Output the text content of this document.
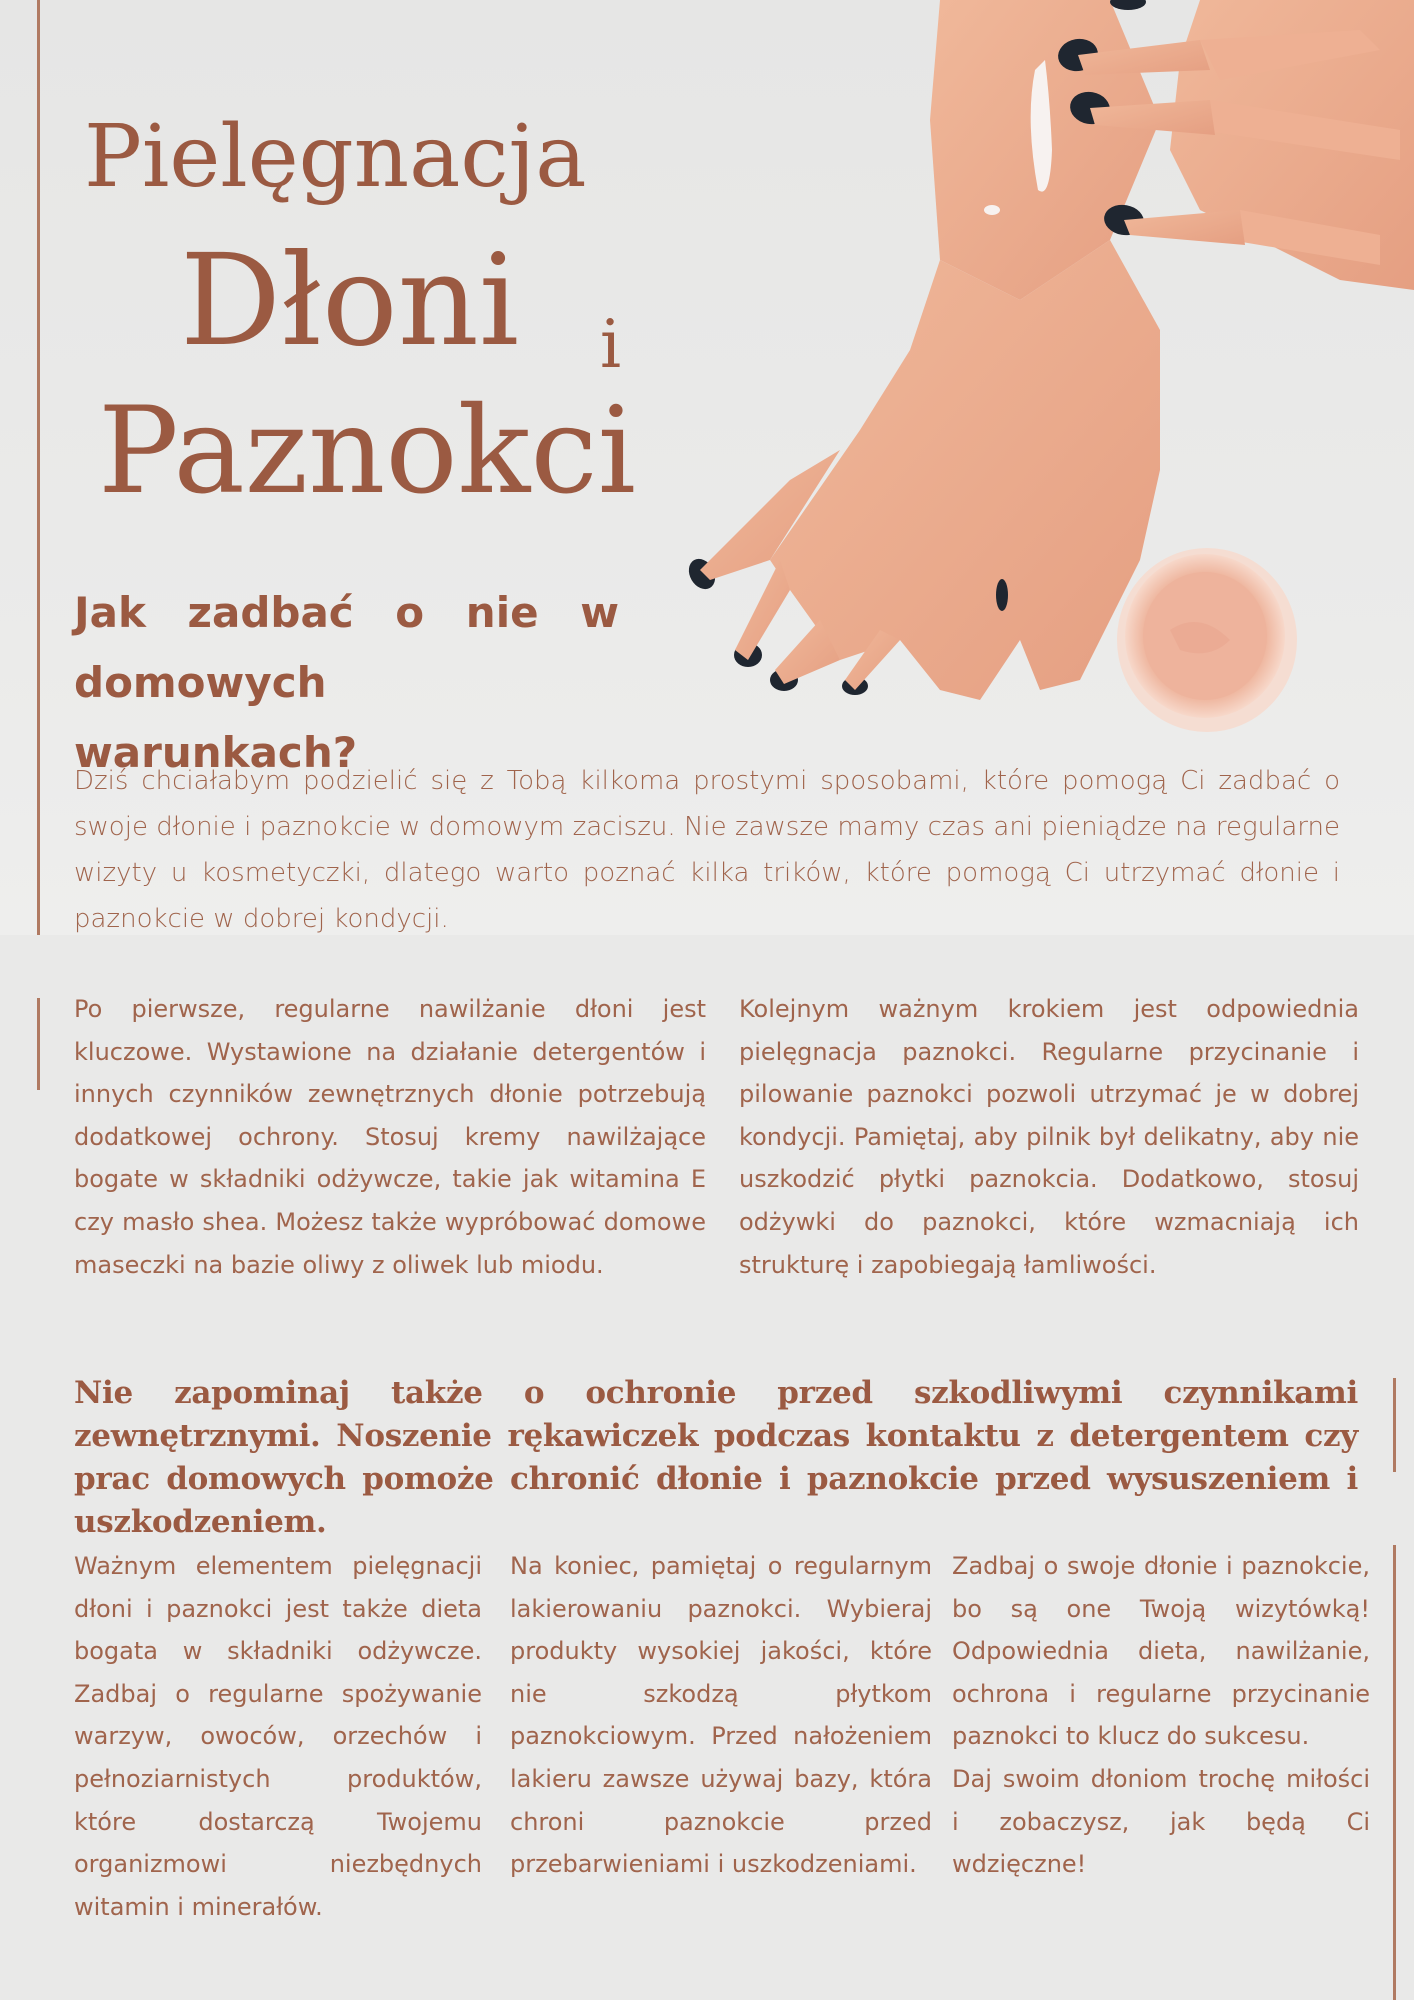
Pielęgnacja
Dłoni i
Paznokci
Jak zadbać o nie w domowych warunkach?

Dziś chciałabym podzielić się z Tobą kilkoma prostymi sposobami, które pomogą Ci zadbać o swoje dłonie i paznokcie w domowym zaciszu. Nie zawsze mamy czas ani pieniądze na regularne wizyty u kosmetyczki, dlatego warto poznać kilka trików, które pomogą Ci utrzymać dłonie i paznokcie w dobrej kondycji.

Po pierwsze, regularne nawilżanie dłoni jest kluczowe. Wystawione na działanie detergentów i innych czynników zewnętrznych dłonie potrzebują dodatkowej ochrony. Stosuj kremy nawilżające bogate w składniki odżywcze, takie jak witamina E czy masło shea. Możesz także wypróbować domowe maseczki na bazie oliwy z oliwek lub miodu.

Kolejnym ważnym krokiem jest odpowiednia pielęgnacja paznokci. Regularne przycinanie i pilowanie paznokci pozwoli utrzymać je w dobrej kondycji. Pamiętaj, aby pilnik był delikatny, aby nie uszkodzić płytki paznokcia. Dodatkowo, stosuj odżywki do paznokci, które wzmacniają ich strukturę i zapobiegają łamliwości.

Nie zapominaj także o ochronie przed szkodliwymi czynnikami zewnętrznymi. Noszenie rękawiczek podczas kontaktu z detergentem czy prac domowych pomoże chronić dłonie i paznokcie przed wysuszeniem i uszkodzeniem.

Ważnym elementem pielęgnacji dłoni i paznokci jest także dieta bogata w składniki odżywcze. Zadbaj o regularne spożywanie warzyw, owoców, orzechów i pełnoziarnistych produktów, które dostarczą Twojemu organizmowi niezbędnych witamin i minerałów.

Na koniec, pamiętaj o regularnym lakierowaniu paznokci. Wybieraj produkty wysokiej jakości, które nie szkodzą płytkom paznokciowym. Przed nałożeniem lakieru zawsze używaj bazy, która chroni paznokcie przed przebarwieniami i uszkodzeniami.

Zadbaj o swoje dłonie i paznokcie, bo są one Twoją wizytówką! Odpowiednia dieta, nawilżanie, ochrona i regularne przycinanie paznokci to klucz do sukcesu.

Daj swoim dłoniom trochę miłości i zobaczysz, jak będą Ci wdzięczne!
